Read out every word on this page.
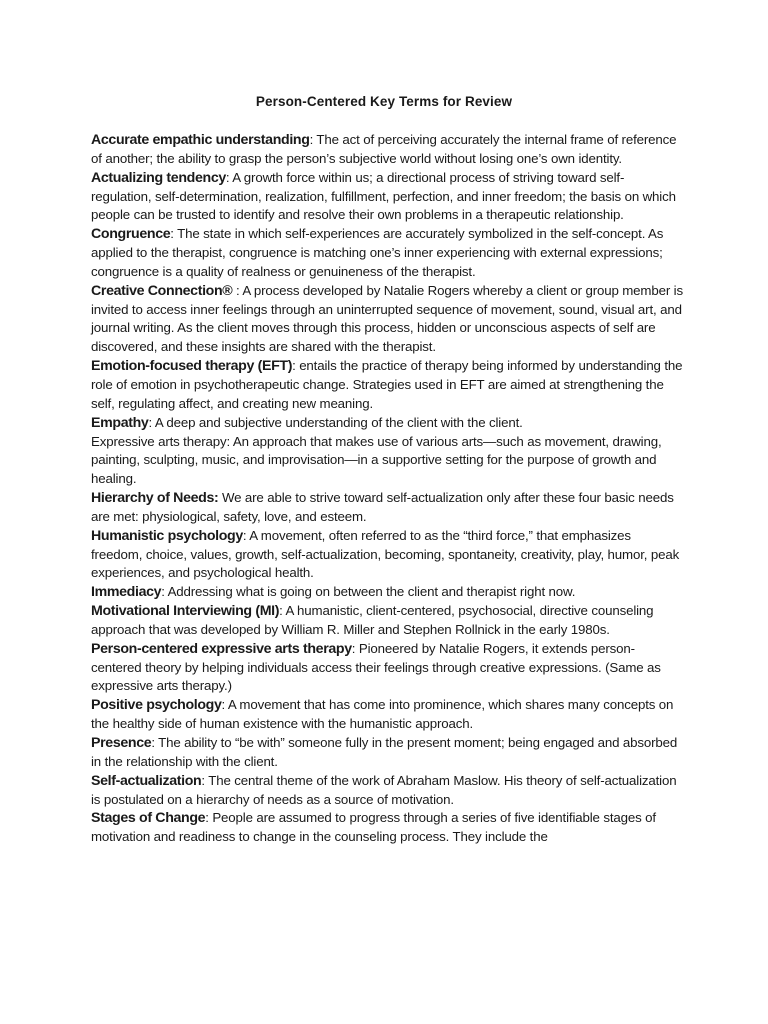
Person-Centered Key Terms for Review

Accurate empathic understanding: The act of perceiving accurately the internal frame of reference of another; the ability to grasp the person’s subjective world without losing one’s own identity.

Actualizing tendency: A growth force within us; a directional process of striving toward self-regulation, self-determination, realization, fulfillment, perfection, and inner freedom; the basis on which people can be trusted to identify and resolve their own problems in a therapeutic relationship.

Congruence: The state in which self-experiences are accurately symbolized in the self-concept. As applied to the therapist, congruence is matching one’s inner experiencing with external expressions; congruence is a quality of realness or genuineness of the therapist.

Creative Connection® : A process developed by Natalie Rogers whereby a client or group member is invited to access inner feelings through an uninterrupted sequence of movement, sound, visual art, and journal writing. As the client moves through this process, hidden or unconscious aspects of self are discovered, and these insights are shared with the therapist.

Emotion-focused therapy (EFT): entails the practice of therapy being informed by understanding the role of emotion in psychotherapeutic change. Strategies used in EFT are aimed at strengthening the self, regulating affect, and creating new meaning.

Empathy: A deep and subjective understanding of the client with the client.

Expressive arts therapy: An approach that makes use of various arts—such as movement, drawing, painting, sculpting, music, and improvisation—in a supportive setting for the purpose of growth and healing.

Hierarchy of Needs: We are able to strive toward self-actualization only after these four basic needs are met: physiological, safety, love, and esteem.

Humanistic psychology: A movement, often referred to as the “third force,” that emphasizes freedom, choice, values, growth, self-actualization, becoming, spontaneity, creativity, play, humor, peak experiences, and psychological health.

Immediacy: Addressing what is going on between the client and therapist right now.

Motivational Interviewing (MI): A humanistic, client-centered, psychosocial, directive counseling approach that was developed by William R. Miller and Stephen Rollnick in the early 1980s.

Person-centered expressive arts therapy: Pioneered by Natalie Rogers, it extends person-centered theory by helping individuals access their feelings through creative expressions. (Same as expressive arts therapy.)

Positive psychology: A movement that has come into prominence, which shares many concepts on the healthy side of human existence with the humanistic approach.

Presence: The ability to “be with” someone fully in the present moment; being engaged and absorbed in the relationship with the client.

Self-actualization: The central theme of the work of Abraham Maslow. His theory of self-actualization is postulated on a hierarchy of needs as a source of motivation.

Stages of Change: People are assumed to progress through a series of five identifiable stages of motivation and readiness to change in the counseling process. They include the
